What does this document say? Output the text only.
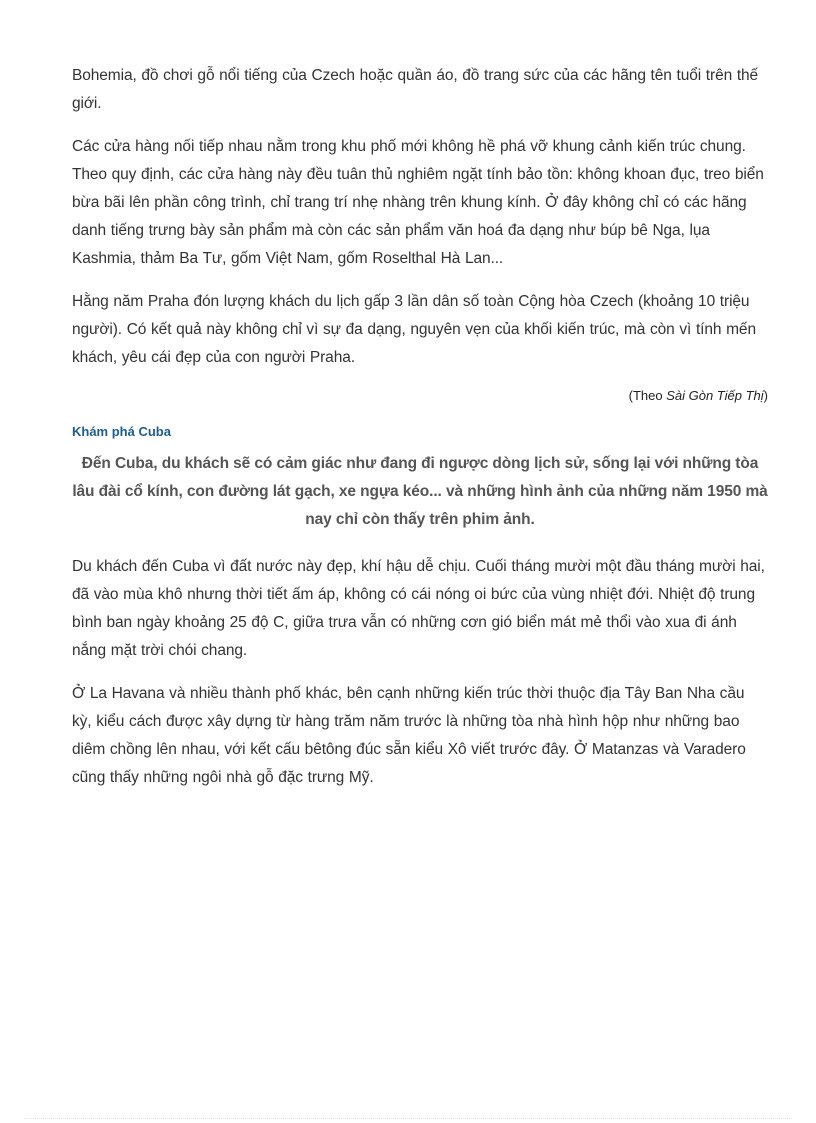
Bohemia, đồ chơi gỗ nổi tiếng của Czech hoặc quần áo, đồ trang sức của các hãng tên tuổi trên thế giới.

Các cửa hàng nối tiếp nhau nằm trong khu phố mới không hề phá vỡ khung cảnh kiến trúc chung. Theo quy định, các cửa hàng này đều tuân thủ nghiêm ngặt tính bảo tồn: không khoan đục, treo biển bừa bãi lên phần công trình, chỉ trang trí nhẹ nhàng trên khung kính. Ở đây không chỉ có các hãng danh tiếng trưng bày sản phẩm mà còn các sản phẩm văn hoá đa dạng như búp bê Nga, lụa Kashmia, thảm Ba Tư, gốm Việt Nam, gốm Roselthal Hà Lan...

Hằng năm Praha đón lượng khách du lịch gấp 3 lần dân số toàn Cộng hòa Czech (khoảng 10 triệu người). Có kết quả này không chỉ vì sự đa dạng, nguyên vẹn của khối kiến trúc, mà còn vì tính mến khách, yêu cái đẹp của con người Praha.

(Theo Sài Gòn Tiếp Thị)
Khám phá Cuba

Đến Cuba, du khách sẽ có cảm giác như đang đi ngược dòng lịch sử, sống lại với những tòa lâu đài cổ kính, con đường lát gạch, xe ngựa kéo... và những hình ảnh của những năm 1950 mà nay chỉ còn thấy trên phim ảnh.

Du khách đến Cuba vì đất nước này đẹp, khí hậu dễ chịu. Cuối tháng mười một đầu tháng mười hai, đã vào mùa khô nhưng thời tiết ấm áp, không có cái nóng oi bức của vùng nhiệt đới. Nhiệt độ trung bình ban ngày khoảng 25 độ C, giữa trưa vẫn có những cơn gió biển mát mẻ thổi vào xua đi ánh nắng mặt trời chói chang.

Ở La Havana và nhiều thành phố khác, bên cạnh những kiến trúc thời thuộc địa Tây Ban Nha cầu kỳ, kiểu cách được xây dựng từ hàng trăm năm trước là những tòa nhà hình hộp như những bao diêm chồng lên nhau, với kết cấu bêtông đúc sẵn kiểu Xô viết trước đây. Ở Matanzas và Varadero cũng thấy những ngôi nhà gỗ đặc trưng Mỹ.
